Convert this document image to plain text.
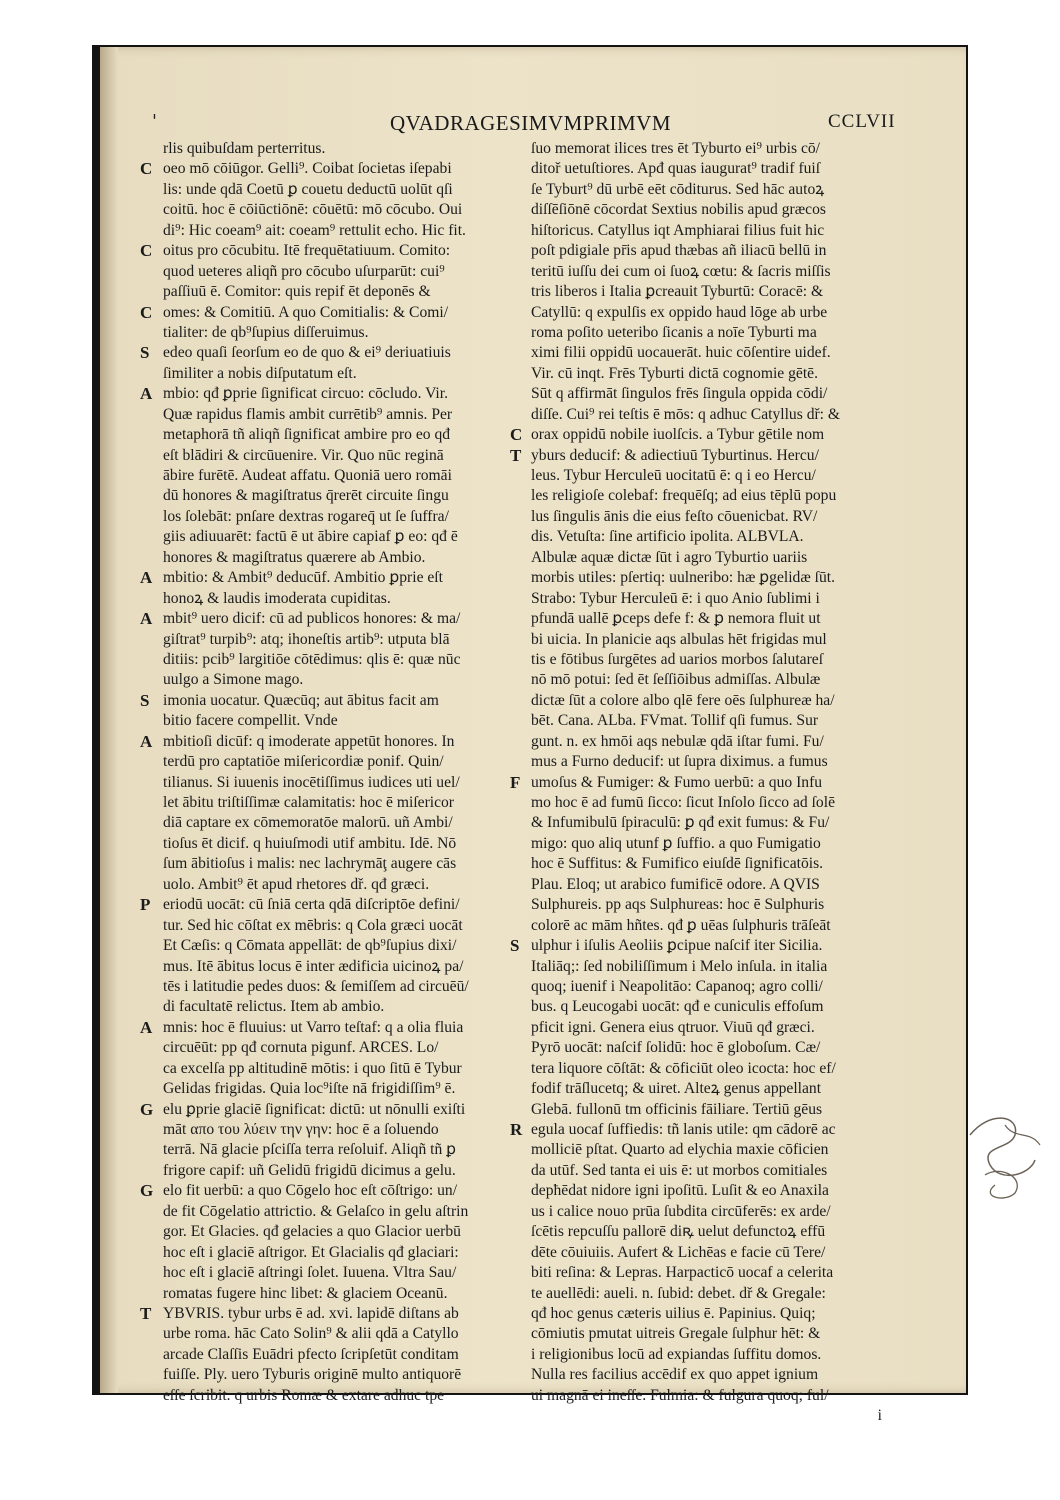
'	QVADRAGESIMVMPRIMVM	CCLVII
rlis quibuſdam perterritus.
C oeo mō cōiūgor. Gelli⁹. Coibat ſocietas iſepabi
lis: unde qdā Coetū ꝑ couetu deductū uolūt qſi
coitū. hoc ē cōiūctiōnē: cōuētū: mō cōcubo. Oui
di⁹: Hic coeam⁹ ait: coeam⁹ rettulit echo. Hic fit.
C oitus pro cōcubitu. Itē frequētatiuum. Comito:
quod ueteres aliqñ pro cōcubo uſurparūt: cui⁹
paſſiuū ē. Comitor: quis repif ēt deponēs &
C omes: & Comitiū. A quo Comitialis: & Comi/
tialiter: de qb⁹ſupius diſſeruimus.
S edeo quaſi ſeorſum eo de quo & ei⁹ deriuatiuis
ſimiliter a nobis diſputatum eſt.
A mbio: qđ ꝑprie ſignificat circuo: cōcludo. Vir.
Quæ rapidus flamis ambit currētib⁹ amnis. Per
metaphorā tñ aliqñ ſignificat ambire pro eo qđ
eſt blādiri & circūuenire. Vir. Quo nūc reginā
ābire furētē. Audeat affatu. Quoniā uero romāi
dū honores & magiſtratus q̄rerēt circuite ſingu
los ſolebāt: pnſare dextras rogareq̄ ut ſe ſuffra/
giis adiuuarēt: factū ē ut ābire capiaf ꝑ eo: qđ ē
honores & magiſtratus quærere ab Ambio.
A mbitio: & Ambit⁹ deducūf. Ambitio ꝑprie eſt
honoꝝ & laudis imoderata cupiditas.
A mbit⁹ uero dicif: cū ad publicos honores: & ma/
giſtrat⁹ turpib⁹: atq; ihoneſtis artib⁹: utputa blā
ditiis: pcib⁹ largitiōe cōtēdimus: qlis ē: quæ nūc
uulgo a Simone mago.
S imonia uocatur. Quæcūq; aut ābitus facit am
bitio facere compellit. Vnde
A mbitioſi dicūf: q imoderate appetūt honores. In
terdū pro captatiōe miſericordiæ ponif. Quin/
tilianus. Si iuuenis inocētiſſimus iudices uti uel/
let ābitu triſtiſſimæ calamitatis: hoc ē miſericor
diā captare ex cōmemoratōe malorū. uñ Ambi/
tioſus ēt dicif. q huiuſmodi utif ambitu. Idē. Nō
ſum ābitioſus i malis: nec lachrymāţ augere cās
uolo. Ambit⁹ ēt apud rhetores dř. qđ græci.
P eriodū uocāt: cū ſniā certa qdā diſcriptōe defini/
tur. Sed hic cōſtat ex mēbris: q Cola græci uocāt
Et Cæſis: q Cōmata appellāt: de qb⁹ſupius dixi/
mus. Itē ābitus locus ē inter ædificia uicinoꝝ pa/
tēs i latitudie pedes duos: & ſemiſſem ad circuēū/
di facultatē relictus. Item ab ambio.
A mnis: hoc ē fluuius: ut Varro teſtaf: q a olia fluia
circuēūt: pp qđ cornuta pigunf. ARCES. Lo/
ca excelſa pp altitudinē mōtis: i quo ſitū ē Tybur
Gelidas frigidas. Quia loc⁹iſte nā frigidiſſim⁹ ē.
G elu ꝑprie glaciē ſignificat: dictū: ut nōnulli exiſti
māt απο του λύειν την γην: hoc ē a ſoluendo
terrā. Nā glacie pſciſſa terra reſoluif. Aliqñ tñ ꝑ
frigore capif: uñ Gelidū frigidū dicimus a gelu.
G elo fit uerbū: a quo Cōgelo hoc eſt cōſtrigo: un/
de fit Cōgelatio attrictio. & Gelaſco in gelu aſtrin
gor. Et Glacies. qđ gelacies a quo Glacior uerbū
hoc eſt i glaciē aſtrigor. Et Glacialis qđ glaciari:
hoc eſt i glaciē aſtringi ſolet. Iuuena. Vltra Sau/
romatas fugere hinc libet: & glaciem Oceanū.
T YBVRIS. tybur urbs ē ad. xvi. lapidē diſtans ab
urbe roma. hāc Cato Solin⁹ & alii qdā a Catyllo
arcade Claſſis Euādri pfecto ſcripſetūt conditam
fuiſſe. Ply. uero Tyburis originē multo antiquorē
eſſe ſcribit. q urbis Romæ & extare adhuc tpe
ſuo memorat ilices tres ēt Tyburto ei⁹ urbis cō/
ditoř uetuſtiores. Apđ quas iaugurat⁹ tradif fuiſ
ſe Tyburt⁹ dū urbē eēt cōditurus. Sed hāc autoꝝ
diſſēſiōnē cōcordat Sextius nobilis apud græcos
hiſtoricus. Catyllus iqt Amphiarai filius fuit hic
poſt pdigiale pr̄is apud thæbas añ iliacū bellū in
teritū iuſſu dei cum oi ſuoꝝ cœtu: & ſacris miſſis
tris liberos i Italia ꝑcreauit Tyburtū: Coracē: &
Catyllū: q expulſis ex oppido haud lōge ab urbe
roma poſito ueteribo ſicanis a noīe Tyburti ma
ximi filii oppidū uocauerāt. huic cōſentire uidef.
Vir. cū inqt. Frēs Tyburti dictā cognomie gētē.
Sūt q affirmāt ſingulos frēs ſingula oppida cōdi/
diſſe. Cui⁹ rei teſtis ē mōs: q adhuc Catyllus dř: &
C orax oppidū nobile iuolſcis. a Tybur gētile nom
T yburs deducif: & adiectiuū Tyburtinus. Hercu/
leus. Tybur Herculeū uocitatū ē: q i eo Hercu/
les religioſe colebaf: frequēſq; ad eius tēplū popu
lus ſingulis ānis die eius feſto cōuenicbat. RV/
dis. Vetuſta: ſine artificio ipolita. ALBVLA.
Albulæ aquæ dictæ ſūt i agro Tyburtio uariis
morbis utiles: pſertiq: uulneribo: hæ ꝑgelidæ ſūt.
Strabo: Tybur Herculeū ē: i quo Anio ſublimi i
pfundā uallē ꝑceps defe f: & ꝑ nemora fluit ut
bi uicia. In planicie aqs albulas hēt frigidas mul
tis e fōtibus ſurgētes ad uarios morbos ſalutareſ
nō mō potui: ſed ēt ſeſſiōibus admiſſas. Albulæ
dictæ ſūt a colore albo qlē fere oēs ſulphureæ ha/
bēt. Cana. ALba. FVmat. Tollif qſi fumus. Sur
gunt. n. ex hmōi aqs nebulæ qdā iſtar fumi. Fu/
mus a Furno deducif: ut ſupra diximus. a fumus
F umoſus & Fumiger: & Fumo uerbū: a quo Infu
mo hoc ē ad fumū ſicco: ſicut Inſolo ſicco ad ſolē
& Infumibulū ſpiraculū: ꝑ qđ exit fumus: & Fu/
migo: quo aliq utunf ꝑ ſuffio. a quo Fumigatio
hoc ē Suffitus: & Fumifico eiuſdē ſignificatōis.
Plau. Eloq; ut arabico fumificē odore. A QVIS
Sulphureis. pp aqs Sulphureas: hoc ē Sulphuris
colorē ac mām hñtes. qđ ꝑ uēas ſulphuris trāſeāt
S ulphur i iſulis Aeoliis ꝑcipue naſcif iter Sicilia.
Italiāq;: ſed nobiliſſimum i Melo inſula. in italia
quoq; iuenif i Neapolitāo: Capanoq; agro colli/
bus. q Leucogabi uocāt: qđ e cuniculis effoſum
pficit igni. Genera eius qtruor. Viuū qđ græci.
Pyrō uocāt: naſcif ſolidū: hoc ē globoſum. Cæ/
tera liquore cōſtāt: & cōficiūt oleo icocta: hoc ef/
fodif trāſlucetq; & uiret. Alteꝝ genus appellant
Glebā. fullonū tm officinis fāiliare. Tertiū gēus
R egula uocaf ſuffiedis: tñ lanis utile: qm cādorē ac
molliciē pſtat. Quarto ad elychia maxie cōficien
da utūf. Sed tanta ei uis ē: ut morbos comitiales
depħēdat nidore igni ipoſitū. Luſit & eo Anaxila
us i calice nouo prūa ſubdita circūferēs: ex arde/
ſcētis repcuſſu pallorē diꝶ uelut defunctoꝝ effū
dēte cōuiuiis. Aufert & Lichēas e facie cū Tere/
biti reſina: & Lepras. Harpacticō uocaf a celerita
te auellēdi: aueli. n. ſubid: debet. dř & Gregale:
qđ hoc genus cæteris uilius ē. Papinius. Quiq;
cōmiutis pmutat uitreis Gregale ſulphur hēt: &
i religionibus locū ad expiandas ſuffitu domos.
Nulla res facilius accēdif ex quo appet ignium
ui magnā ei ineſſe. Fulmia: & fulgura quoq; ful/
i
